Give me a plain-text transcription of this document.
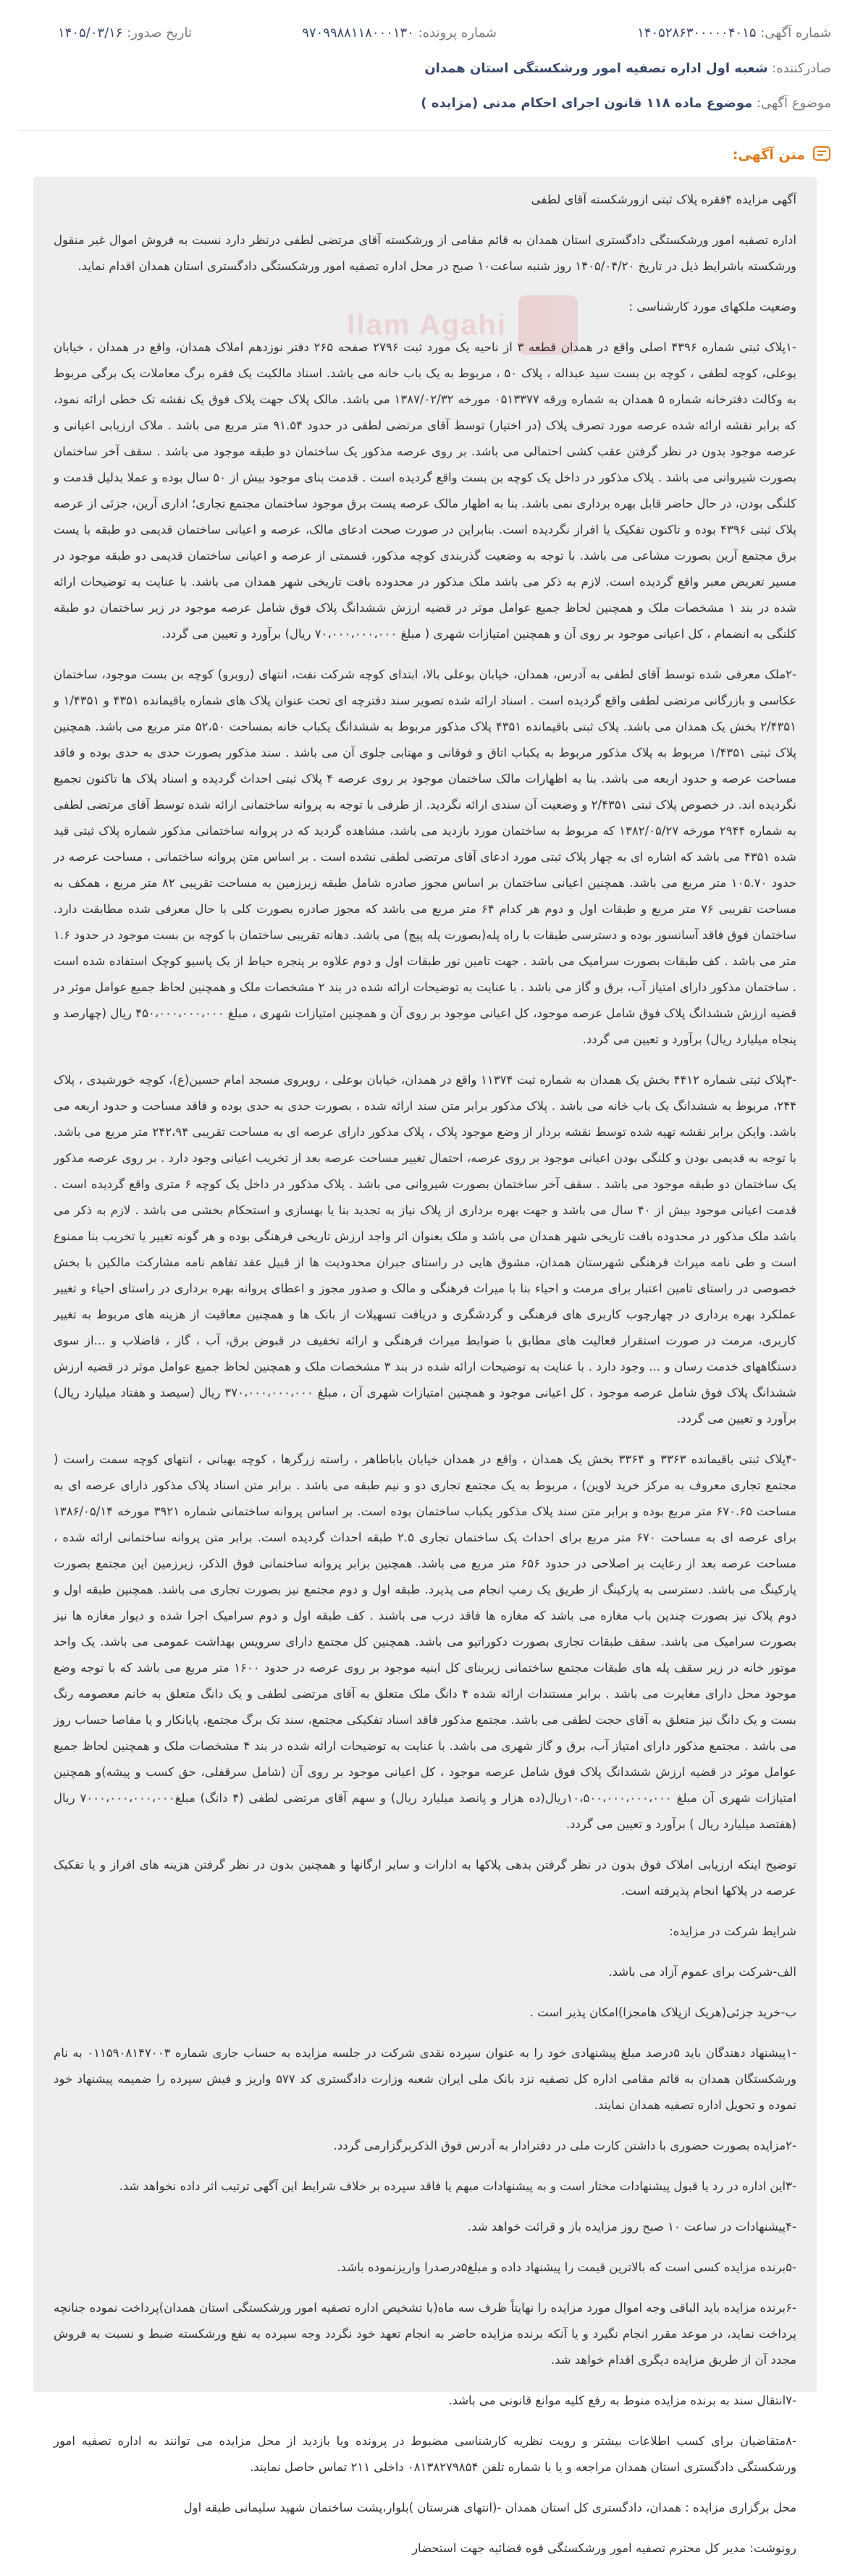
شماره آگهی: ۱۴۰۵۲۸۶۳۰۰۰۰۰۴۰۱۵
شماره پرونده: ۹۷۰۹۹۸۸۱۱۸۰۰۰۱۳۰
تاریخ صدور: ۱۴۰۵/۰۳/۱۶
صادرکننده: شعبه اول اداره تصفیه امور ورشکستگی استان همدان
موضوع آگهی: موضوع ماده ۱۱۸ قانون اجرای احکام مدنی (مزایده )
متن آگهی:
Ilam Agahi

آگهی مزایده ۴فقره پلاک ثبتی ازورشکسته آقای لطفی

اداره تصفیه امور ورشکستگی دادگستری استان همدان به قائم مقامی از ورشکسته آقای مرتضی لطفی درنظر دارد نسبت به فروش اموال غیر منقول ورشکسته باشرایط ذیل در تاریخ ۱۴۰۵/۰۴/۲۰ روز شنبه ساعت۱۰ صبح در محل اداره تصفیه امور ورشکستگی دادگستری استان همدان اقدام نماید.

وضعیت ملکهای مورد کارشناسی :

-۱پلاک ثبتی شماره ۴۳۹۶ اصلی واقع در همدان قطعه ۳ از ناحیه یک مورد ثبت ۲۷۹۶ صفحه ۲۶۵ دفتر نوزدهم املاک همدان، واقع در همدان ، خیابان بوعلی، کوچه لطفی ، کوچه بن بست سید عبداله ، پلاک ۵۰ ، مربوط به یک باب خانه می باشد. اسناد مالکیت یک فقره برگ معاملات یک برگی مربوط به وکالت دفترخانه شماره ۵ همدان به شماره ورقه ۰۵۱۳۳۷۷ مورخه ۱۳۸۷/۰۲/۳۲ می باشد. مالک پلاک جهت پلاک فوق یک نقشه تک خطی ارائه نمود، که برابر نقشه ارائه شده عرصه مورد تصرف پلاک (در اختیار) توسط آقای مرتضی لطفی در حدود ۹۱.۵۴ متر مربع می باشد . ملاک ارزیابی اعیانی و عرصه موجود بدون در نظر گرفتن عقب کشی احتمالی می باشد. بر روی عرصه مذکور یک ساختمان دو طبقه موجود می باشد . سقف آخر ساختمان بصورت شیروانی می باشد . پلاک مذکور در داخل یک کوچه بن بست واقع گردیده است . قدمت بنای موجود بیش از ۵۰ سال بوده و عملا بدلیل قدمت و کلنگی بودن، در حال حاضر قابل بهره برداری نمی باشد. بنا به اظهار مالک عرصه پست برق موجود ساختمان مجتمع تجاری؛ اداری آرین، جزئی از عرصه پلاک ثبتی ۴۳۹۶ بوده و تاکنون تفکیک یا افراز نگردیده است. بنابراین در صورت صحت ادعای مالک، عرصه و اعیانی ساختمان قدیمی دو طبقه با پست برق مجتمع آرین بصورت مشاعی می باشد. با توجه به وضعیت گذربندی کوچه مذکور، قسمتی از عرصه و اعیانی ساختمان قدیمی دو طبقه موجود در مسیر تعریض معبر واقع گردیده است. لازم به ذکر می باشد ملک مذکور در محدوده بافت تاریخی شهر همدان می باشد. با عنایت به توضیحات ارائه شده در بند ۱ مشخصات ملک و همچنین لحاظ جمیع عوامل موثر در قضیه ارزش ششدانگ پلاک فوق شامل عرصه موجود در زیر ساختمان دو طبقه کلنگی به انضمام ، کل اعیانی موجود بر روی آن و همچنین امتیازات شهری ( مبلغ ۷۰،۰۰۰،۰۰۰،۰۰۰ ریال) برآورد و تعیین می گردد.

-۲ملک معرفی شده توسط آقای لطفی به آدرس، همدان، خیابان بوعلی بالا، ابتدای کوچه شرکت نفت، انتهای (روبرو) کوچه بن بست موجود، ساختمان عکاسی و بازرگانی مرتضی لطفی واقع گردیده است . اسناد ارائه شده تصویر سند دفترچه ای تحت عنوان پلاک های شماره باقیمانده ۴۳۵۱ و ۱/۴۳۵۱ و ۲/۴۳۵۱ بخش یک همدان می باشد. پلاک ثبتی باقیمانده ۴۳۵۱ پلاک مذکور مربوط به ششدانگ یکباب خانه بمساحت ۵۲،۵۰ متر مربع می باشد. همچنین پلاک ثبتی ۱/۴۳۵۱ مربوط به پلاک مذکور مربوط به یکباب اتاق و فوقانی و مهتابی جلوی آن می باشد . سند مذکور بصورت حدی به حدی بوده و فاقد مساحت عرصه و حدود اربعه می باشد. بنا به اظهارات مالک ساختمان موجود بر روی عرصه ۴ پلاک ثبتی احداث گردیده و اسناد پلاک ها تاکنون تجمیع نگردیده اند. در خصوص پلاک ثبتی ۲/۴۳۵۱ و وضعیت آن سندی ارائه نگردید. از طرفی با توجه به پروانه ساختمانی ارائه شده توسط آقای مرتضی لطفی به شماره ۲۹۴۴ مورخه ۱۳۸۲/۰۵/۲۷ که مربوط به ساختمان مورد بازدید می باشد، مشاهده گردید که در پروانه ساختمانی مذکور شماره پلاک ثبتی قید شده ۴۳۵۱ می باشد که اشاره ای به چهار پلاک ثبتی مورد ادعای آقای مرتضی لطفی نشده است . بر اساس متن پروانه ساختمانی ، مساحت عرصه در حدود ۱۰۵.۷۰ متر مربع می باشد. همچنین اعیانی ساختمان بر اساس مجوز صادره شامل طبقه زیرزمین به مساحت تقریبی ۸۲ متر مربع ، همکف به مساحت تقریبی ۷۶ متر مربع و طبقات اول و دوم هر کدام ۶۴ متر مربع می باشد که مجوز صادره بصورت کلی با حال معرفی شده مطابقت دارد. ساختمان فوق فاقد آسانسور بوده و دسترسی طبقات با راه پله(بصورت پله پیچ) می باشد. دهانه تقریبی ساختمان با کوچه بن بست موجود در حدود ۱.۶ متر می باشد . کف طبقات بصورت سرامیک می باشد . جهت تامین نور طبقات اول و دوم علاوه بر پنجره حیاط از یک پاسیو کوچک استفاده شده است . ساختمان مذکور دارای امتیاز آب، برق و گاز می باشد . با عنایت به توضیحات ارائه شده در بند ۲ مشخصات ملک و همچنین لحاظ جمیع عوامل موثر در قضیه ارزش ششدانگ پلاک فوق شامل عرصه موجود، کل اعیانی موجود بر روی آن و همچنین امتیازات شهری ، مبلغ ۴۵۰،۰۰۰،۰۰۰،۰۰۰ ریال (چهارصد و پنجاه میلیارد ریال) برآورد و تعیین می گردد.

-۳پلاک ثبتی شماره ۴۴۱۲ بخش یک همدان به شماره ثبت ۱۱۳۷۴ واقع در همدان، خیابان بوعلی ، روبروی مسجد امام حسین(ع)، کوچه خورشیدی ، پلاک ۲۴۴، مربوط به ششدانگ یک باب خانه می باشد . پلاک مذکور برابر متن سند ارائه شده ، بصورت حدی به حدی بوده و فاقد مساحت و حدود اربعه می باشد. وایکن برابر نقشه تهیه شده توسط نقشه بردار از وضع موجود پلاک ، پلاک مذکور دارای عرصه ای به مساحت تقریبی ۲۴۲،۹۴ متر مربع می باشد. با توجه به قدیمی بودن و کلنگی بودن اعیانی موجود بر روی عرصه، احتمال تغییر مساحت عرصه بعد از تخریب اعیانی وجود دارد . بر روی عرصه مذکور یک ساختمان دو طبقه موجود می باشد . سقف آخر ساختمان بصورت شیروانی می باشد . پلاک مذکور در داخل یک کوچه ۶ متری واقع گردیده است . قدمت اعیانی موجود بیش از ۴۰ سال می باشد و جهت بهره برداری از پلاک نیاز به تجدید بنا یا بهسازی و استحکام بخشی می باشد . لازم به ذکر می باشد ملک مذکور در محدوده بافت تاریخی شهر همدان می باشد و ملک بعنوان اثر واجد ارزش تاریخی فرهنگی بوده و هر گونه تغییر یا تخریب بنا ممنوع است و طی نامه میراث فرهنگی شهرستان همدان، مشوق هایی در راستای جبران محدودیت ها از قبیل عقد تفاهم نامه مشارکت مالکین با بخش خصوصی در راستای تامین اعتبار برای مرمت و احیاء بنا با میراث فرهنگی و مالک و صدور مجوز و اعطای پروانه بهره برداری در راستای احیاء و تغییر عملکرد بهره برداری در چهارچوب کاربری های فرهنگی و گردشگری و دریافت تسهیلات از بانک ها و همچنین معافیت از هزینه های مربوط به تغییر کاربری، مرمت در صورت استقرار فعالیت های مطابق با ضوابط میراث فرهنگی و ارائه تخفیف در قبوض برق، آب ، گاز ، فاضلاب و ...از سوی دستگاههای خدمت رسان و ... وجود دارد . با عنایت به توضیحات ارائه شده در بند ۳ مشخصات ملک و همچنین لحاظ جمیع عوامل موثر در قضیه ارزش ششدانگ پلاک فوق شامل عرصه موجود ، کل اعیانی موجود و همچنین امتیازات شهری آن ، مبلغ ۳۷۰،۰۰۰،۰۰۰،۰۰۰ ریال (سیصد و هفتاد میلیارد ریال) برآورد و تعیین می گردد.

-۴پلاک ثبتی باقیمانده ۳۳۶۳ و ۳۳۶۴ بخش یک همدان ، واقع در همدان خیابان باباطاهر ، راسته زرگرها ، کوچه بهبانی ، انتهای کوچه سمت راست ( مجتمع تجاری معروف به مرکز خرید لاوین) ، مربوط به یک مجتمع تجاری دو و نیم طبقه می باشد . برابر متن اسناد پلاک مذکور دارای عرصه ای به مساحت ۶۷۰.۶۵ متر مربع بوده و برابر متن سند پلاک مذکور یکباب ساختمان بوده است. بر اساس پروانه ساختمانی شماره ۳۹۲۱ مورخه ۱۳۸۶/۰۵/۱۴ برای عرصه ای به مساحت ۶۷۰ متر مربع برای احداث یک ساختمان تجاری ۲.۵ طبقه احداث گردیده است. برابر متن پروانه ساختمانی ارائه شده ، مساحت عرصه بعد از رعایت بر اصلاحی در حدود ۶۵۶ متر مربع می باشد. همچنین برابر پروانه ساختمانی فوق الذکر، زیرزمین این مجتمع بصورت پارکینگ می باشد. دسترسی به پارکینگ از طریق یک رمپ انجام می پذیرد. طبقه اول و دوم مجتمع نیز بصورت تجاری می باشد. همچنین طبقه اول و دوم پلاک نیز بصورت چندین باب مغازه می باشد که مغازه ها فاقد درب می باشند . کف طبقه اول و دوم سرامیک اجرا شده و دیوار مغازه ها نیز بصورت سرامیک می باشد. سقف طبقات تجاری بصورت دکوراتیو می باشد. همچنین کل مجتمع دارای سرویس بهداشت عمومی می باشد. یک واحد موتور خانه در زیر سقف پله های طبقات مجتمع ساختمانی زیربنای کل ابنیه موجود بر روی عرصه در حدود ۱۶۰۰ متر مربع می باشد که با توجه وضع موجود محل دارای مغایرت می باشد . برابر مستندات ارائه شده ۴ دانگ ملک متعلق به آقای مرتضی لطفی و یک دانگ متعلق به خانم معصومه رنگ بست و یک دانگ نیز متعلق به آقای حجت لطفی می باشد. مجتمع مذکور فاقد اسناد تفکیکی مجتمع، سند تک برگ مجتمع، پایانکار و یا مفاصا حساب روز می باشد . مجتمع مذکور دارای امتیاز آب، برق و گاز شهری می باشد. با عنایت به توضیحات ارائه شده در بند ۴ مشخصات ملک و همچنین لحاظ جمیع عوامل موثر در قضیه ارزش ششدانگ پلاک فوق شامل عرصه موجود ، کل اعیانی موجود بر روی آن (شامل سرقفلی، حق کسب و پیشه)و همچنین امتیازات شهری آن مبلغ ۱۰،۵۰۰،۰۰۰،۰۰۰،۰۰۰ریال(ده هزار و پانصد میلیارد ریال) و سهم آقای مرتضی لطفی (۴ دانگ) مبلغ۷۰۰۰،۰۰۰،۰۰۰،۰۰۰ ریال (هفتصد میلیارد ریال ) برآورد و تعیین می گردد.

توضیح اینکه ارزیابی املاک فوق بدون در نظر گرفتن بدهی پلاکها به ادارات و سایر ارگانها و همچنین بدون در نظر گرفتن هزینه های افراز و یا تفکیک عرصه در پلاکها انجام پذیرفته است.

شرایط شرکت در مزایده:

الف-شرکت برای عموم آزاد می باشد.

ب-خرید جزئی(هریک ازپلاک هامجزا)امکان پذیر است .

-۱پیشنهاد دهندگان باید ۵درصد مبلغ پیشنهادی خود را به عنوان سپرده نقدی شرکت در جلسه مزایده به حساب جاری شماره ۰۱۱۵۹۰۸۱۴۷۰۰۳ به نام ورشکستگان همدان به قائم مقامی اداره کل تصفیه نزد بانک ملی ایران شعبه وزارت دادگستری کد ۵۷۷ واریز و فیش سپرده را ضمیمه پیشنهاد خود نموده و تحویل اداره تصفیه همدان نمایند.

-۲مزایده بصورت حضوری با داشتن کارت ملی در دفترادار به آدرس فوق الذکربرگزارمی گردد.

-۳این اداره در رد یا قبول پیشنهادات مختار است و به پیشنهادات مبهم یا فاقد سپرده بر خلاف شرایط این آگهی ترتیب اثر داده نخواهد شد.

-۴پیشنهادات در ساعت ۱۰ صبح روز مزایده باز و قرائت خواهد شد.

-۵برنده مزایده کسی است که بالاترین قیمت را پیشنهاد داده و مبلغ۵درصدرا واریزنموده باشد.

-۶برنده مزایده باید الباقی وجه اموال مورد مزایده را نهایتاً ظرف سه ماه(با تشخیص اداره تصفیه امور ورشکستگی استان همدان)پرداخت نموده جنانچه پرداخت نماید، در موعد مقرر انجام نگیرد و یا آنکه برنده مزایده حاضر به انجام تعهد خود نگردد وجه سپرده به نفع ورشکسته ضبط و نسبت به فروش مجدد آن از طریق مزایده دیگری اقدام خواهد شد.

-۷انتقال سند به برنده مزایده منوط به رفع کلیه موانع قانونی می باشد.

-۸متقاضیان برای کسب اطلاعات بیشتر و رویت نظریه کارشناسی مضبوط در پرونده ویا بازدید از محل مزایده می توانند به اداره تصفیه امور ورشکستگی دادگستری استان همدان مراجعه و یا با شماره تلفن ۰۸۱۳۸۲۷۹۸۵۴ داخلی ۲۱۱ تماس حاصل نمایند.

محل برگزاری مزایده : همدان، دادگستری کل استان همدان -(انتهای هنرستان )بلوار،پشت ساختمان شهید سلیمانی طبقه اول

رونوشت: مدیر کل محترم تصفیه امور ورشکستگی قوه قضائیه جهت استحضار
